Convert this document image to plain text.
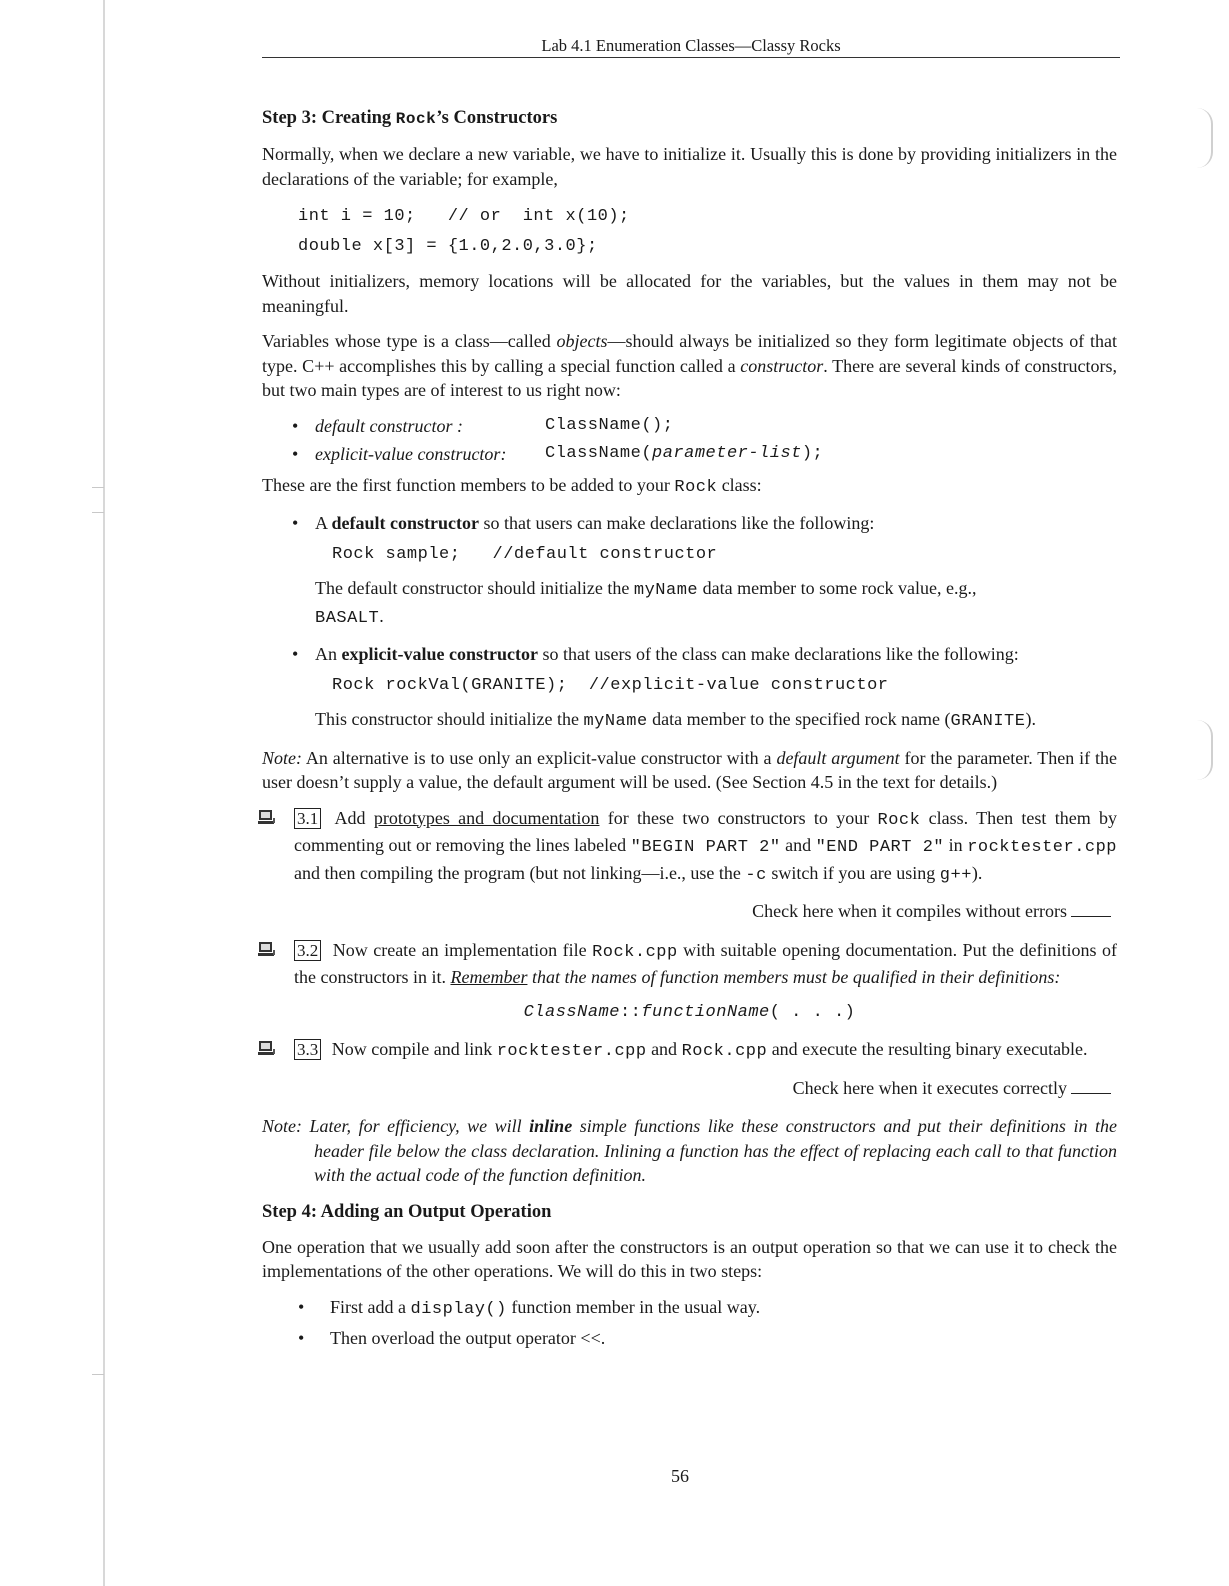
Lab 4.1 Enumeration Classes—Classy Rocks
Step 3: Creating Rock’s Constructors

Normally, when we declare a new variable, we have to initialize it. Usually this is done by providing initializers in the declarations of the variable; for example,

int i = 10;   // or  int x(10);
double x[3] = {1.0,2.0,3.0};

Without initializers, memory locations will be allocated for the variables, but the values in them may not be meaningful.

Variables whose type is a class—called objects—should always be initialized so they form legitimate objects of that type. C++ accomplishes this by calling a special function called a constructor. There are several kinds of constructors, but two main types are of interest to us right now:

• default constructor :	ClassName();
• explicit-value constructor:	ClassName(parameter-list);

These are the first function members to be added to your Rock class:

• A default constructor so that users can make declarations like the following:
Rock sample;   //default constructor

The default constructor should initialize the myName data member to some rock value, e.g.,
BASALT.

• An explicit-value constructor so that users of the class can make declarations like the following:
Rock rockVal(GRANITE);  //explicit-value constructor

This constructor should initialize the myName data member to the specified rock name (GRANITE).

Note: An alternative is to use only an explicit-value constructor with a default argument for the parameter. Then if the user doesn’t supply a value, the default argument will be used. (See Section 4.5 in the text for details.)

3.1 Add prototypes and documentation for these two constructors to your Rock class. Then test them by commenting out or removing the lines labeled "BEGIN PART 2" and "END PART 2" in rocktester.cpp and then compiling the program (but not linking—i.e., use the -c switch if you are using g++).
Check here when it compiles without errors
3.2 Now create an implementation file Rock.cpp with suitable opening documentation. Put the definitions of the constructors in it. Remember that the names of function members must be qualified in their definitions:
ClassName::functionName( . . .)
3.3 Now compile and link rocktester.cpp and Rock.cpp and execute the resulting binary executable.
Check here when it executes correctly
Note: Later, for efficiency, we will inline simple functions like these constructors and put their definitions in the header file below the class declaration. Inlining a function has the effect of replacing each call to that function with the actual code of the function definition.
Step 4: Adding an Output Operation

One operation that we usually add soon after the constructors is an output operation so that we can use it to check the implementations of the other operations. We will do this in two steps:

• First add a display() function member in the usual way.
• Then overload the output operator <<.
56
